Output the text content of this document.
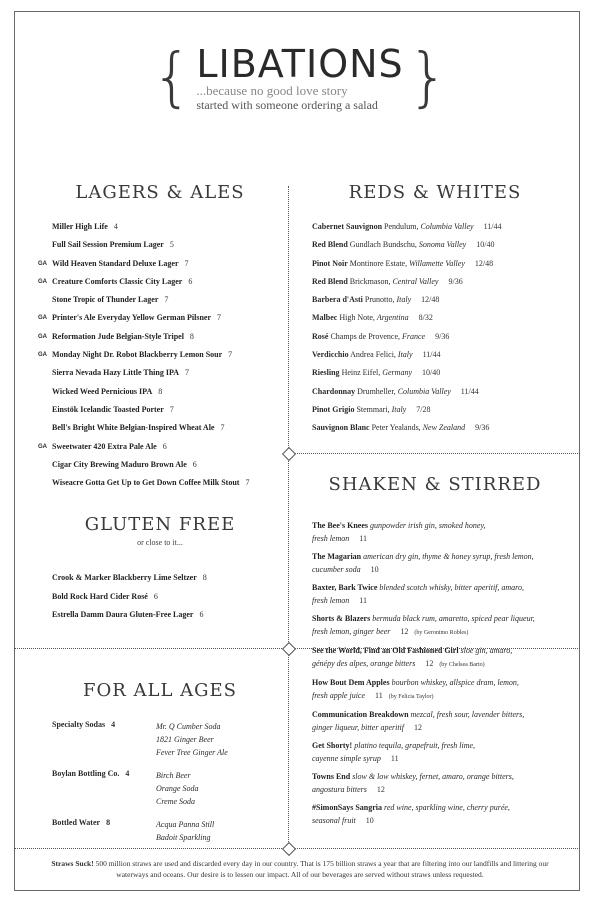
{ LIBATIONS
...because no good love story
started with someone ordering a salad }
LAGERS & ALES
Miller High Life 4
Full Sail Session Premium Lager 5
GA Wild Heaven Standard Deluxe Lager 7
GA Creature Comforts Classic City Lager 6
Stone Tropic of Thunder Lager 7
GA Printer's Ale Everyday Yellow German Pilsner 7
GA Reformation Jude Belgian-Style Tripel 8
GA Monday Night Dr. Robot Blackberry Lemon Sour 7
Sierra Nevada Hazy Little Thing IPA 7
Wicked Weed Pernicious IPA 8
Einstök Icelandic Toasted Porter 7
Bell's Bright White Belgian-Inspired Wheat Ale 7
GA Sweetwater 420 Extra Pale Ale 6
Cigar City Brewing Maduro Brown Ale 6
Wiseacre Gotta Get Up to Get Down Coffee Milk Stout 7
REDS & WHITES
Cabernet Sauvignon Pendulum, Columbia Valley 11/44
Red Blend Gundlach Bundschu, Sonoma Valley 10/40
Pinot Noir Montinore Estate, Willamette Valley 12/48
Red Blend Brickmason, Central Valley 9/36
Barbera d'Asti Prunotto, Italy 12/48
Malbec High Note, Argentina 8/32
Rosé Champs de Provence, France 9/36
Verdicchio Andrea Felici, Italy 11/44
Riesling Heinz Eifel, Germany 10/40
Chardonnay Drumheller, Columbia Valley 11/44
Pinot Grigio Stemmari, Italy 7/28
Sauvignon Blanc Peter Yealands, New Zealand 9/36
GLUTEN FREE
or close to it...
Crook & Marker Blackberry Lime Seltzer 8
Bold Rock Hard Cider Rosé 6
Estrella Damm Daura Gluten-Free Lager 6
SHAKEN & STIRRED
The Bee's Knees gunpowder irish gin, smoked honey,
fresh lemon 11
The Magarian american dry gin, thyme & honey syrup, fresh lemon,
cucumber soda 10
Baxter, Bark Twice blended scotch whisky, bitter aperitif, amaro,
fresh lemon 11
Shorts & Blazers bermuda black rum, amaretto, spiced pear liqueur,
fresh lemon, ginger beer 12 (by Geronimo Robles)
See the World, Find an Old Fashioned Girl sloe gin, amaro,
génépy des alpes, orange bitters 12 (by Chelsea Barto)
How Bout Dem Apples bourbon whiskey, allspice dram, lemon,
fresh apple juice 11 (by Felicia Taylor)
Communication Breakdown mezcal, fresh sour, lavender bitters,
ginger liqueur, bitter aperitif 12
Get Shorty! platino tequila, grapefruit, fresh lime,
cayenne simple syrup 11
Towns End slow & low whiskey, fernet, amaro, orange bitters,
angostura bitters 12
#SimonSays Sangria red wine, sparkling wine, cherry purée,
seasonal fruit 10
FOR ALL AGES
Specialty Sodas 4	Mr. Q Cumber Soda
1821 Ginger Beer
Fever Tree Ginger Ale
Boylan Bottling Co. 4	Birch Beer
Orange Soda
Creme Soda
Bottled Water 8	Acqua Panna Still
Badoit Sparkling
Straws Suck! 500 million straws are used and discarded every day in our country. That is 175 billion straws a year that are filtering into our landfills and littering our waterways and oceans. Our desire is to lessen our impact. All of our beverages are served without straws unless requested.
